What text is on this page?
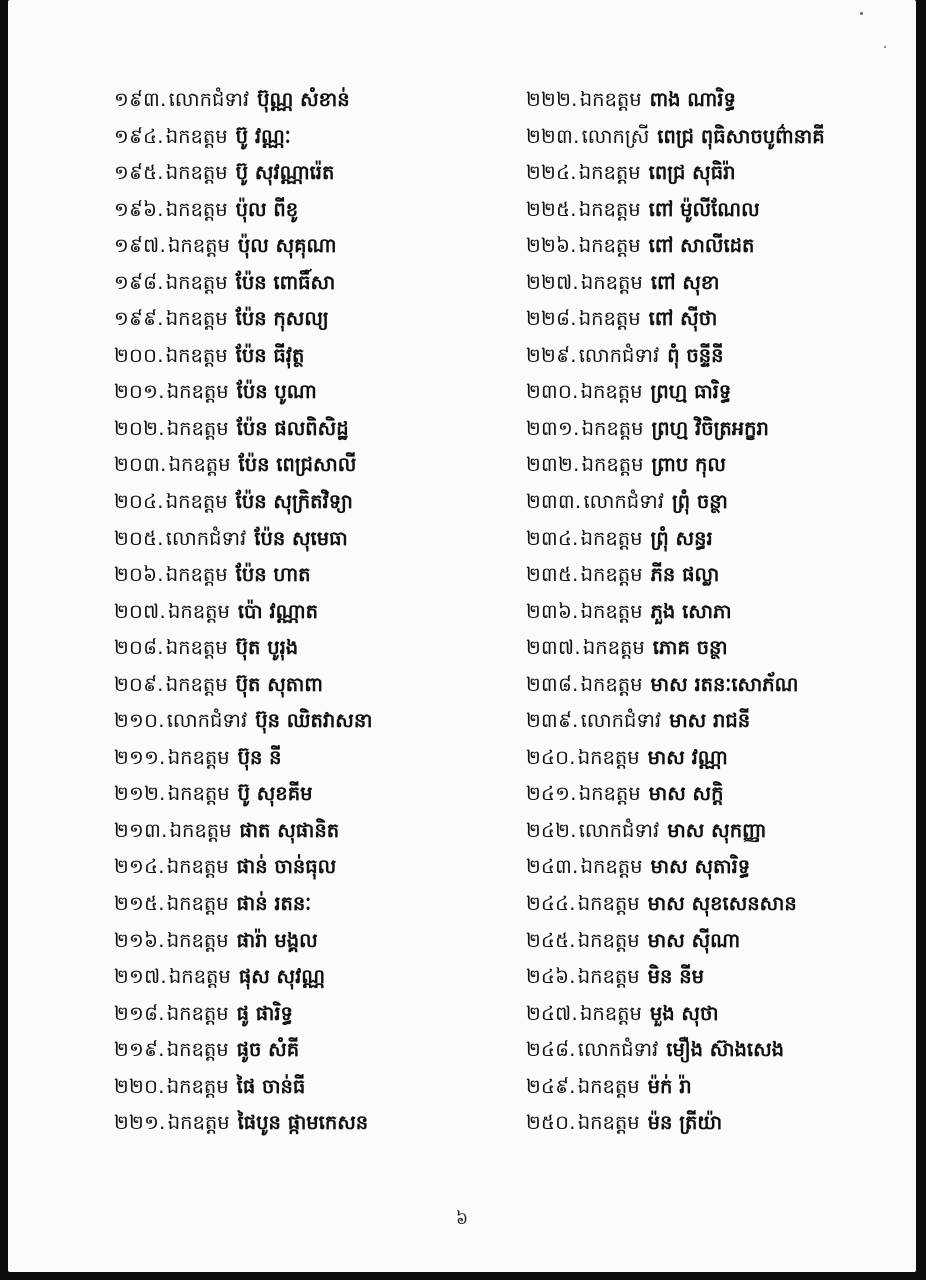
១៩៣. លោកជំទាវ ប៊ុណ្ណ សំខាន់
១៩៤. ឯកឧត្តម ប៊ូ វណ្ណៈ
១៩៥. ឯកឧត្តម ប៊ូ សុវណ្ណារ៉េត
១៩៦. ឯកឧត្តម ប៉ុល ពីខូ
១៩៧. ឯកឧត្តម ប៉ុល សុគុណា
១៩៨. ឯកឧត្តម ប៉ែន ពោធិ៍សា
១៩៩. ឯកឧត្តម ប៉ែន កុសល្យ
២០០. ឯកឧត្តម ប៉ែន ធីវុត្ថ
២០១. ឯកឧត្តម ប៉ែន បូណា
២០២. ឯកឧត្តម ប៉ែន ផលពិសិដ្ឋ
២០៣. ឯកឧត្តម ប៉ែន ពេជ្រសាលី
២០៤. ឯកឧត្តម ប៉ែន សុក្រិតវិទ្យា
២០៥. លោកជំទាវ ប៉ែន សុមេធា
២០៦. ឯកឧត្តម ប៉ែន ហាត
២០៧. ឯកឧត្តម ប៉ោ វណ្ណាត
២០៨. ឯកឧត្តម ប៊ុត បូរុង
២០៩. ឯកឧត្តម ប៊ុត សុតាពា
២១០. លោកជំទាវ ប៊ុន ឈិតវាសនា
២១១. ឯកឧត្តម ប៊ុន នី
២១២. ឯកឧត្តម ប៊ូ សុខគីម
២១៣. ឯកឧត្តម ផាត សុផានិត
២១៤. ឯកឧត្តម ផាន់ ចាន់ធុល
២១៥. ឯកឧត្តម ផាន់ រតនៈ
២១៦. ឯកឧត្តម ផារ៉ា មង្គល
២១៧. ឯកឧត្តម ផុស សុវណ្ណ
២១៨. ឯកឧត្តម ផូ ផារិទ្ធ
២១៩. ឯកឧត្តម ផូច សំគី
២២០. ឯកឧត្តម ផៃ ចាន់ធី
២២១. ឯកឧត្តម ផៃបូន ផ្កាមកេសន
២២២. ឯកឧត្តម ពាង ណារិទ្ធ
២២៣. លោកស្រី ពេជ្រ ពុធិសាចបូព៌ានាគី
២២៤. ឯកឧត្តម ពេជ្រ សុធិរ៉ា
២២៥. ឯកឧត្តម ពៅ ម៉ូលីណែល
២២៦. ឯកឧត្តម ពៅ សាលីដេត
២២៧. ឯកឧត្តម ពៅ សុខា
២២៨. ឯកឧត្តម ពៅ ស៊ីថា
២២៩. លោកជំទាវ ពុំ ចន្ទីនី
២៣០. ឯកឧត្តម ព្រហ្ម ធារិទ្ធ
២៣១. ឯកឧត្តម ព្រហ្ម វិចិត្រអក្ខរា
២៣២. ឯកឧត្តម ព្រាប កុល
២៣៣. លោកជំទាវ ព្រុំ ចន្ថា
២៣៤. ឯកឧត្តម ព្រុំ សន្ធរ
២៣៥. ឯកឧត្តម ភីន ផល្លា
២៣៦. ឯកឧត្តម ភួង សោភា
២៣៧. ឯកឧត្តម ភោគ ចន្ថា
២៣៨. ឯកឧត្តម មាស រតនៈសោភ័ណ
២៣៩. លោកជំទាវ មាស រាជនី
២៤០. ឯកឧត្តម មាស វណ្ណា
២៤១. ឯកឧត្តម មាស សក្តិ
២៤២. លោកជំទាវ មាស សុកញ្ញា
២៤៣. ឯកឧត្តម មាស សុតារិទ្ធ
២៤៤. ឯកឧត្តម មាស សុខសេនសាន
២៤៥. ឯកឧត្តម មាស ស៊ីណា
២៤៦. ឯកឧត្តម មិន នីម
២៤៧. ឯកឧត្តម មួង សុថា
២៤៨. លោកជំទាវ មឿង ស៊ាងសេង
២៤៩. ឯកឧត្តម ម៉ក់ រ៉ា
២៥០. ឯកឧត្តម ម៉ន ត្រីយ៉ា
៦
